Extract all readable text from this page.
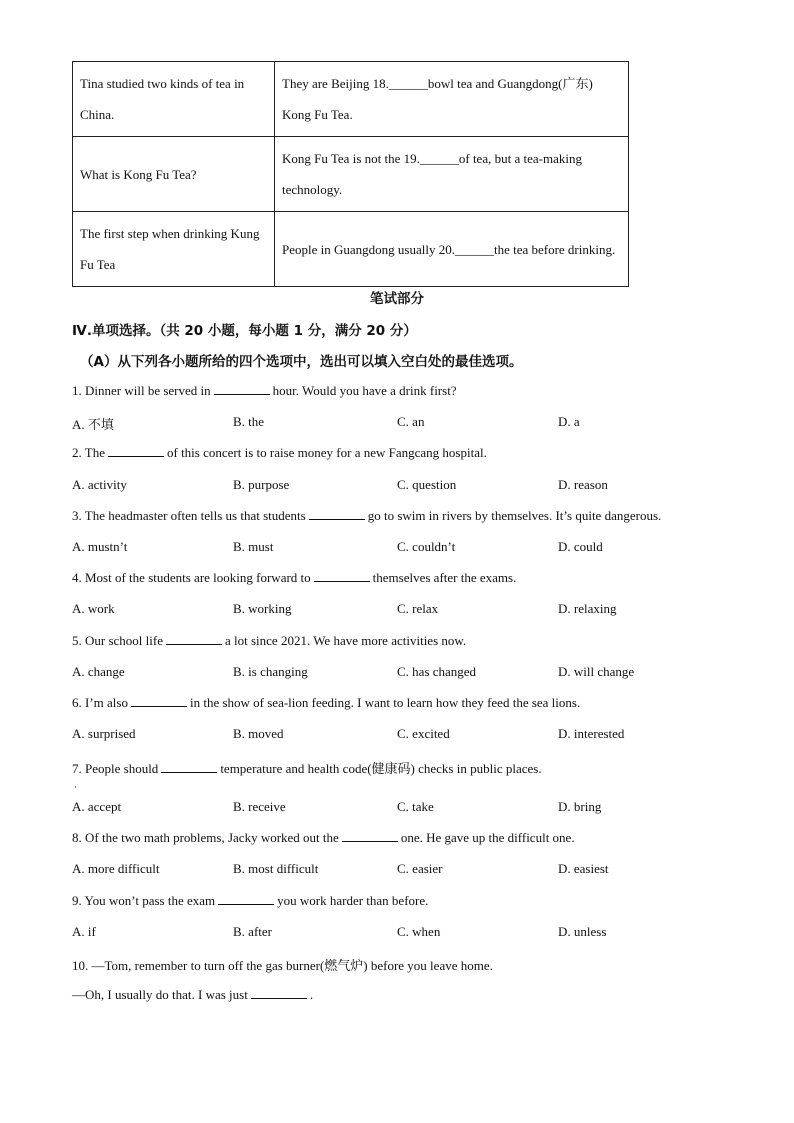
Tina studied two kinds of tea in China.	They are Beijing 18.______bowl tea and Guangdong(广东) Kong Fu Tea.
What is Kong Fu Tea?	Kong Fu Tea is not the 19.______of tea, but a tea-making technology.
The first step when drinking Kung Fu Tea	People in Guangdong usually 20.______the tea before drinking.
笔试部分
Ⅳ.单项选择。（共 20 小题，每小题 1 分，满分 20 分）
（A）从下列各小题所给的四个选项中，选出可以填入空白处的最佳选项。
1. Dinner will be served in	hour. Would you have a drink first?
A. 不填	B. the	C. an	D. a
2. The	of this concert is to raise money for a new Fangcang hospital.
A. activity	B. purpose	C. question	D. reason
3. The headmaster often tells us that students	go to swim in rivers by themselves. It’s quite dangerous.
A. mustn’t	B. must	C. couldn’t	D. could
4. Most of the students are looking forward to	themselves after the exams.
A. work	B. working	C. relax	D. relaxing
5. Our school life	a lot since 2021. We have more activities now.
A. change	B. is changing	C. has changed	D. will change
6. I’m also	in the show of sea-lion feeding. I want to learn how they feed the sea lions.
A. surprised	B. moved	C. excited	D. interested
7. People should	temperature and health code(健康码) checks in public places.
·
A. accept	B. receive	C. take	D. bring
8. Of the two math problems, Jacky worked out the	one. He gave up the difficult one.
A. more difficult	B. most difficult	C. easier	D. easiest
9. You won’t pass the exam	you work harder than before.
A. if	B. after	C. when	D. unless
10. —Tom, remember to turn off the gas burner(燃气炉) before you leave home.
—Oh, I usually do that. I was just	.
